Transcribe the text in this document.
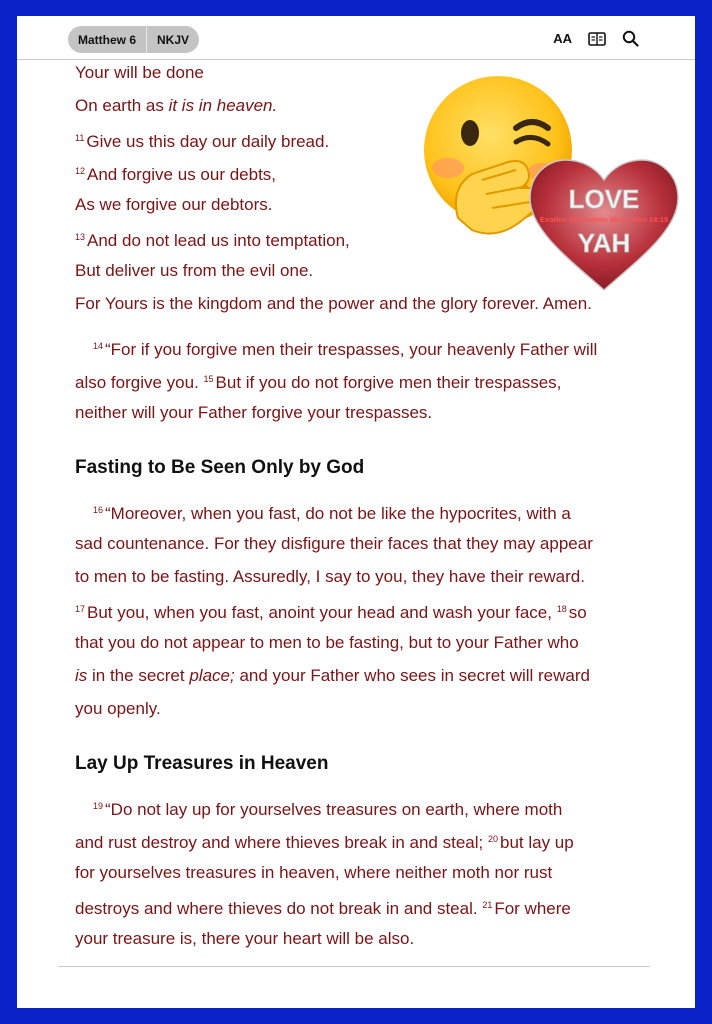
Matthew 6	NKJV	AA
Your will be done
On earth as it is in heaven.
$^{11}$ Give us this day our daily bread.
$^{12}$ And forgive us our debts,
As we forgive our debtors.
$^{13}$ And do not lead us into temptation,
But deliver us from the evil one.
For Yours is the kingdom and the power and the glory forever. Amen.
$^{14}$ “For if you forgive men their trespasses, your heavenly Father will
also forgive you. $^{15}$ But if you do not forgive men their trespasses,
neither will your Father forgive your trespasses.
Fasting to Be Seen Only by God
$^{16}$ “Moreover, when you fast, do not be like the hypocrites, with a
sad countenance. For they disfigure their faces that they may appear
to men to be fasting. Assuredly, I say to you, they have their reward.
$^{17}$ But you, when you fast, anoint your head and wash your face, $^{18}$ so
that you do not appear to men to be fasting, but to your Father who
is in the secret place; and your Father who sees in secret will reward
you openly.
Lay Up Treasures in Heaven
$^{19}$ “Do not lay up for yourselves treasures on earth, where moth
and rust destroy and where thieves break in and steal; $^{20}$ but lay up
for yourselves treasures in heaven, where neither moth nor rust
destroys and where thieves do not break in and steal. $^{21}$ For where
your treasure is, there your heart will be also.
LOVE
Exodus 20, Psalms 68:4, John 14:15
YAH
